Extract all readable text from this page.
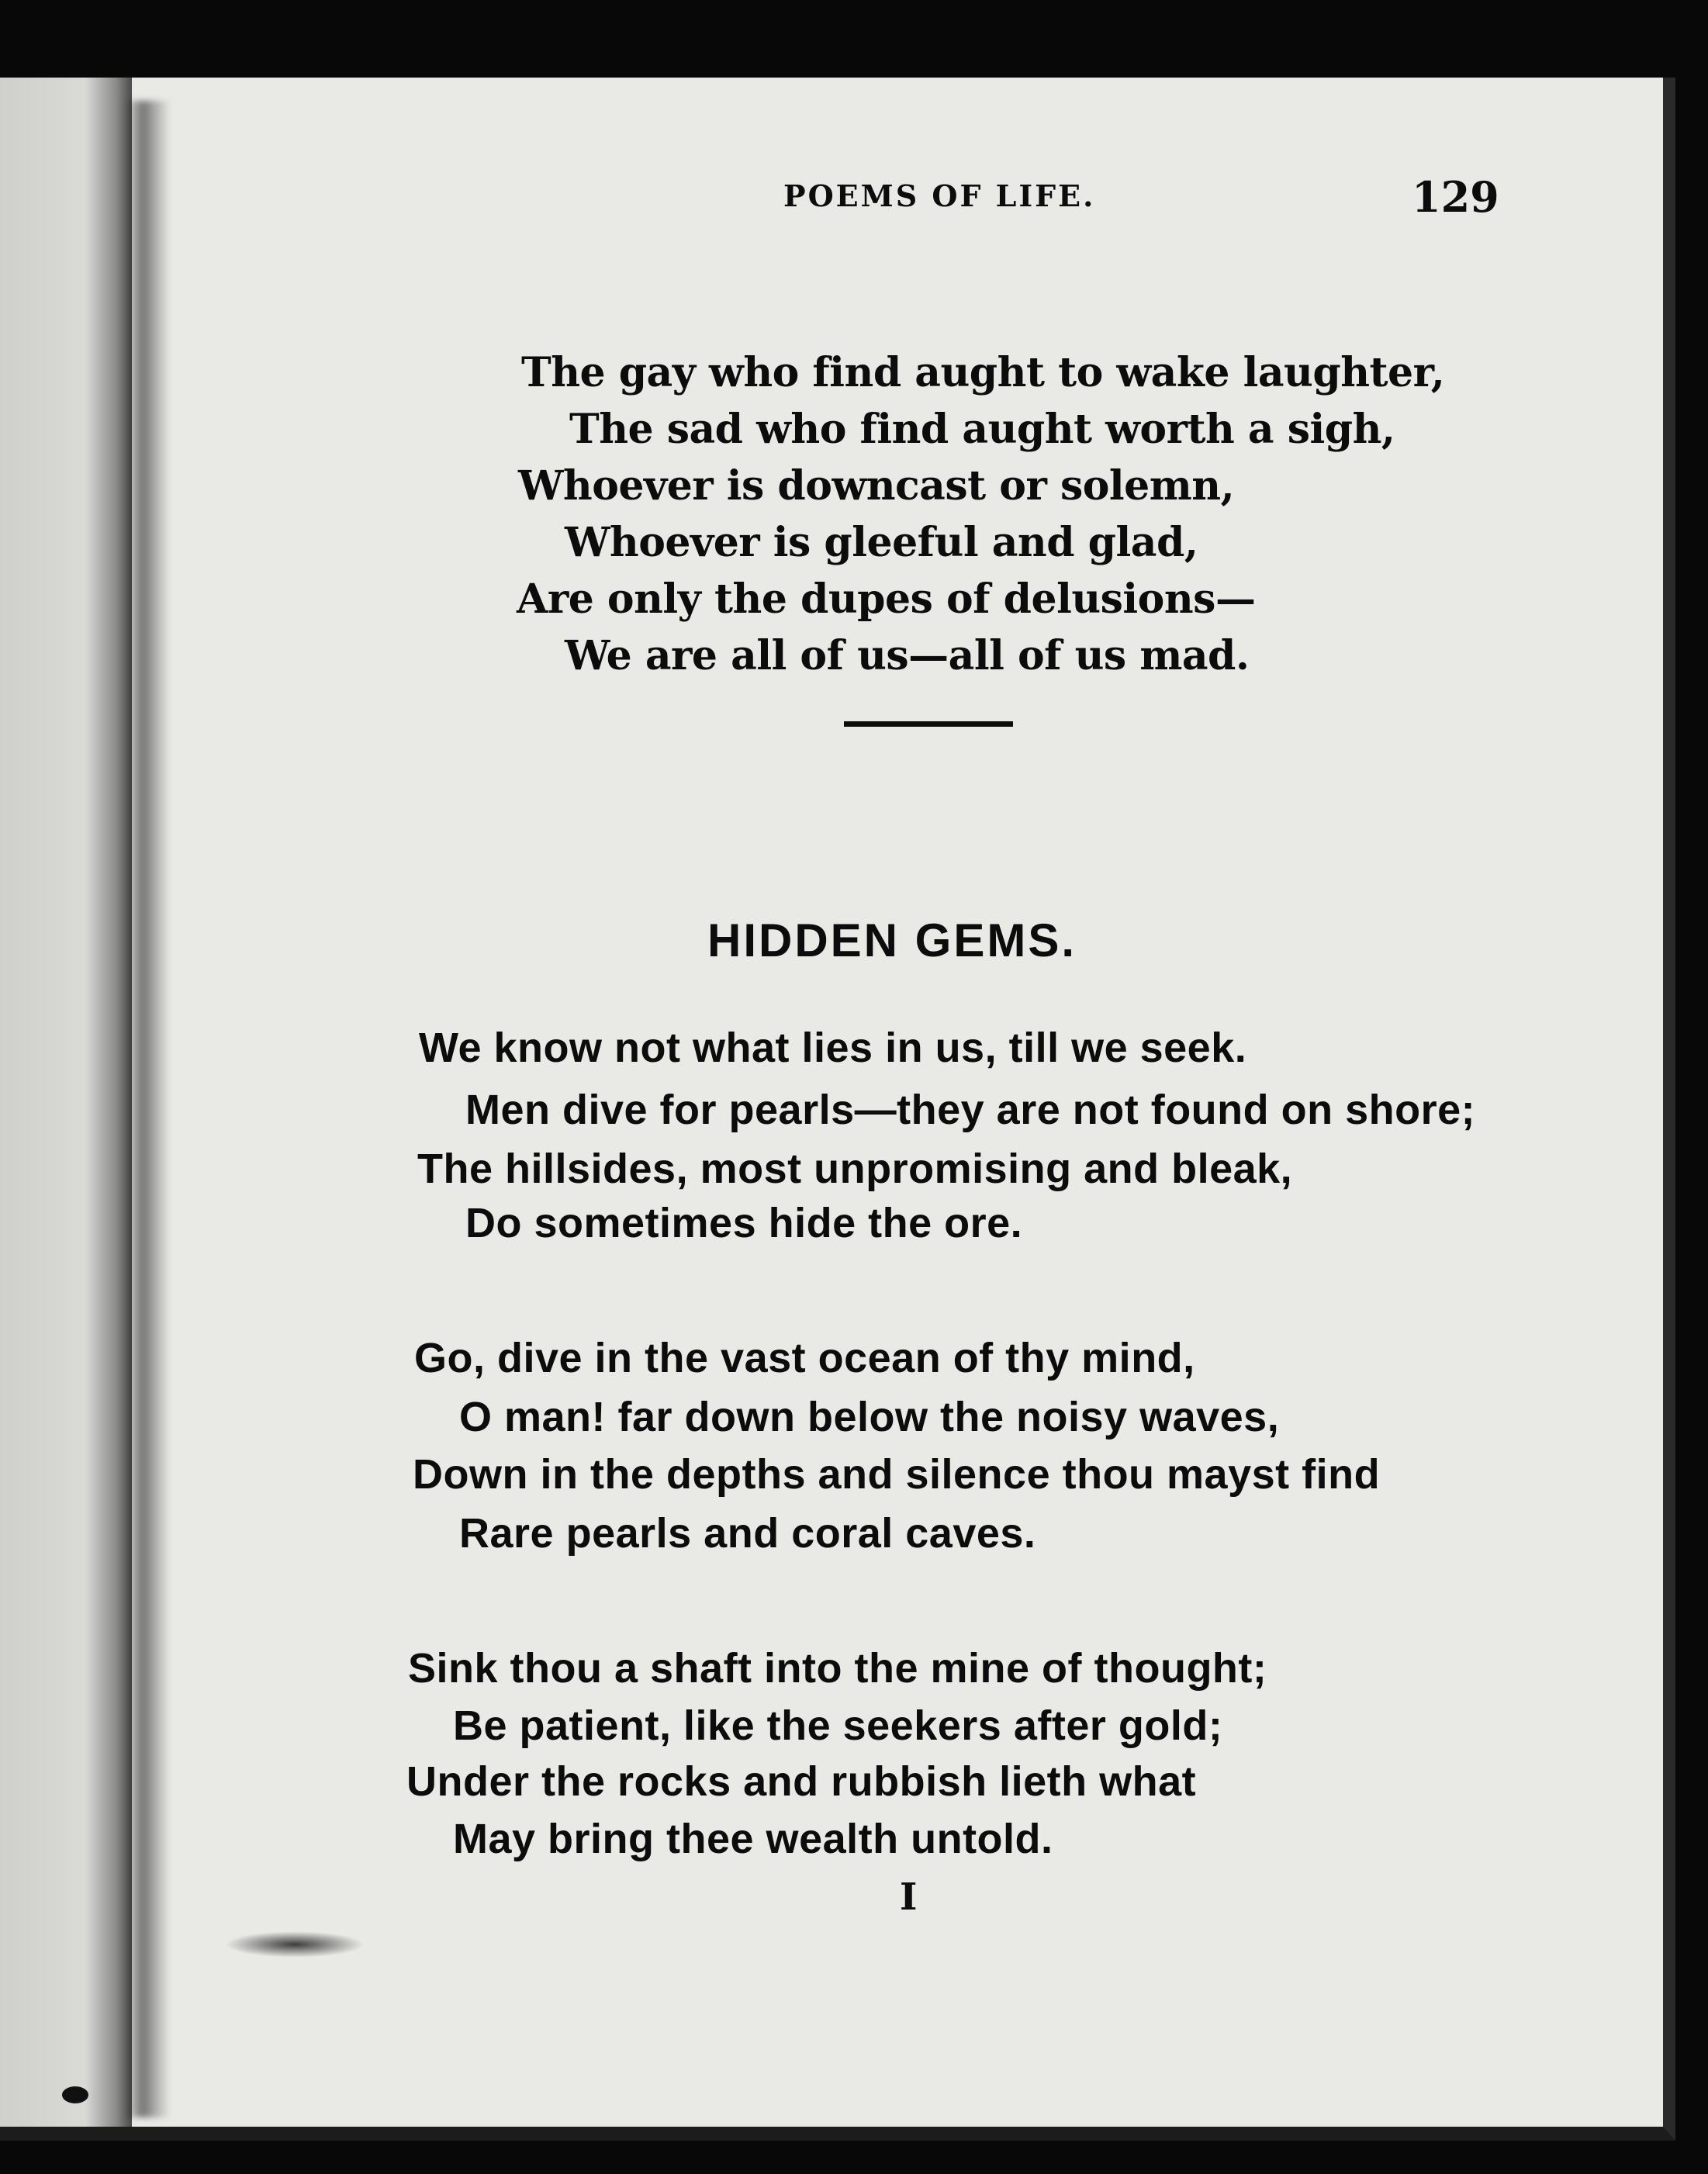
POEMS OF LIFE.	129
The gay who find aught to wake laughter,
The sad who find aught worth a sigh,
Whoever is downcast or solemn,
Whoever is gleeful and glad,
Are only the dupes of delusions—
We are all of us—all of us mad.
HIDDEN GEMS.
We know not what lies in us, till we seek.
Men dive for pearls—they are not found on shore;
The hillsides, most unpromising and bleak,
Do sometimes hide the ore.
Go, dive in the vast ocean of thy mind,
O man! far down below the noisy waves,
Down in the depths and silence thou mayst find
Rare pearls and coral caves.
Sink thou a shaft into the mine of thought;
Be patient, like the seekers after gold;
Under the rocks and rubbish lieth what
May bring thee wealth untold.
I
